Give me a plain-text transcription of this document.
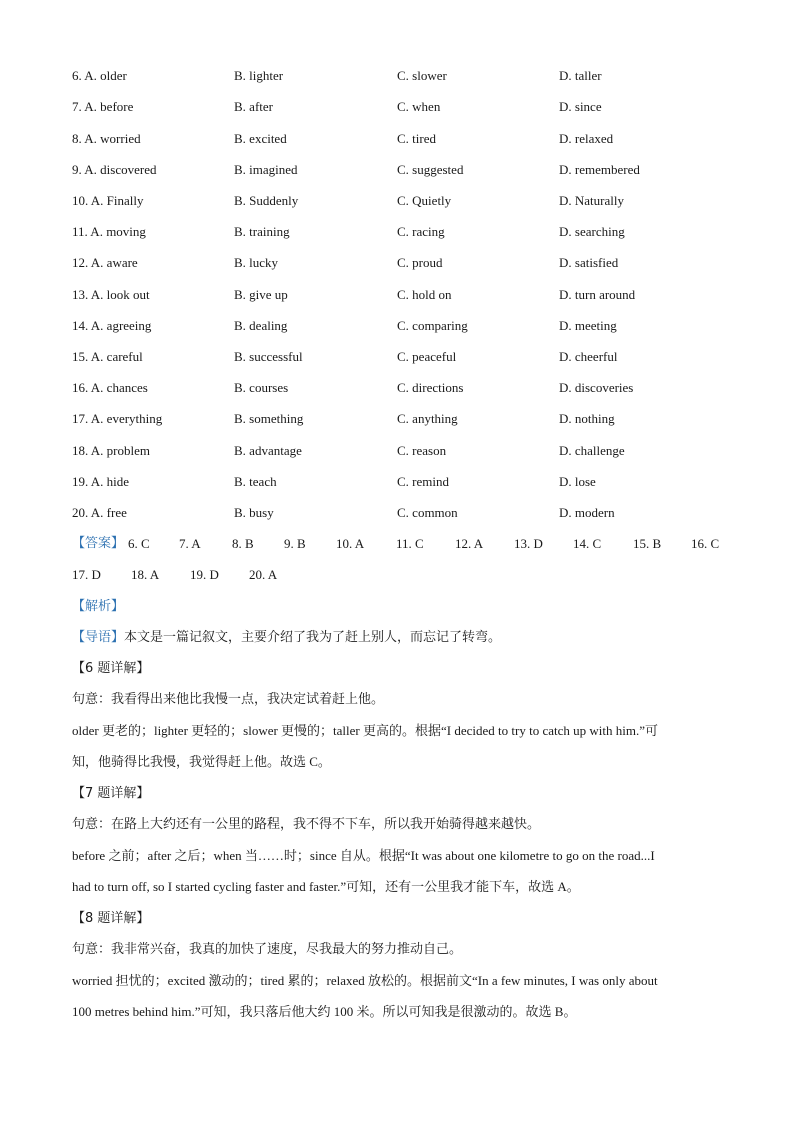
6. A. older	B. lighter	C. slower	D. taller
7. A. before	B. after	C. when	D. since
8. A. worried	B. excited	C. tired	D. relaxed
9. A. discovered	B. imagined	C. suggested	D. remembered
10. A. Finally	B. Suddenly	C. Quietly	D. Naturally
11. A. moving	B. training	C. racing	D. searching
12. A. aware	B. lucky	C. proud	D. satisfied
13. A. look out	B. give up	C. hold on	D. turn around
14. A. agreeing	B. dealing	C. comparing	D. meeting
15. A. careful	B. successful	C. peaceful	D. cheerful
16. A. chances	B. courses	C. directions	D. discoveries
17. A. everything	B. something	C. anything	D. nothing
18. A. problem	B. advantage	C. reason	D. challenge
19. A. hide	B. teach	C. remind	D. lose
20. A. free	B. busy	C. common	D. modern
【答案】 6. C 7. A 8. B 9. B 10. A 11. C 12. A 13. D 14. C 15. B 16. C
17. D 18. A 19. D 20. A
【解析】
【导语】本文是一篇记叙文，主要介绍了我为了赶上别人，而忘记了转弯。
【6 题详解】
句意：我看得出来他比我慢一点，我决定试着赶上他。
older 更老的；lighter 更轻的；slower 更慢的；taller 更高的。根据“I decided to try to catch up with him.”可
知，他骑得比我慢，我觉得赶上他。故选 C。
【7 题详解】
句意：在路上大约还有一公里的路程，我不得不下车，所以我开始骑得越来越快。
before 之前；after 之后；when 当……时；since 自从。根据“It was about one kilometre to go on the road...I
had to turn off, so I started cycling faster and faster.”可知，还有一公里我才能下车，故选 A。
【8 题详解】
句意：我非常兴奋，我真的加快了速度，尽我最大的努力推动自己。
worried 担忧的；excited 激动的；tired 累的；relaxed 放松的。根据前文“In a few minutes, I was only about
100 metres behind him.”可知，我只落后他大约 100 米。所以可知我是很激动的。故选 B。
